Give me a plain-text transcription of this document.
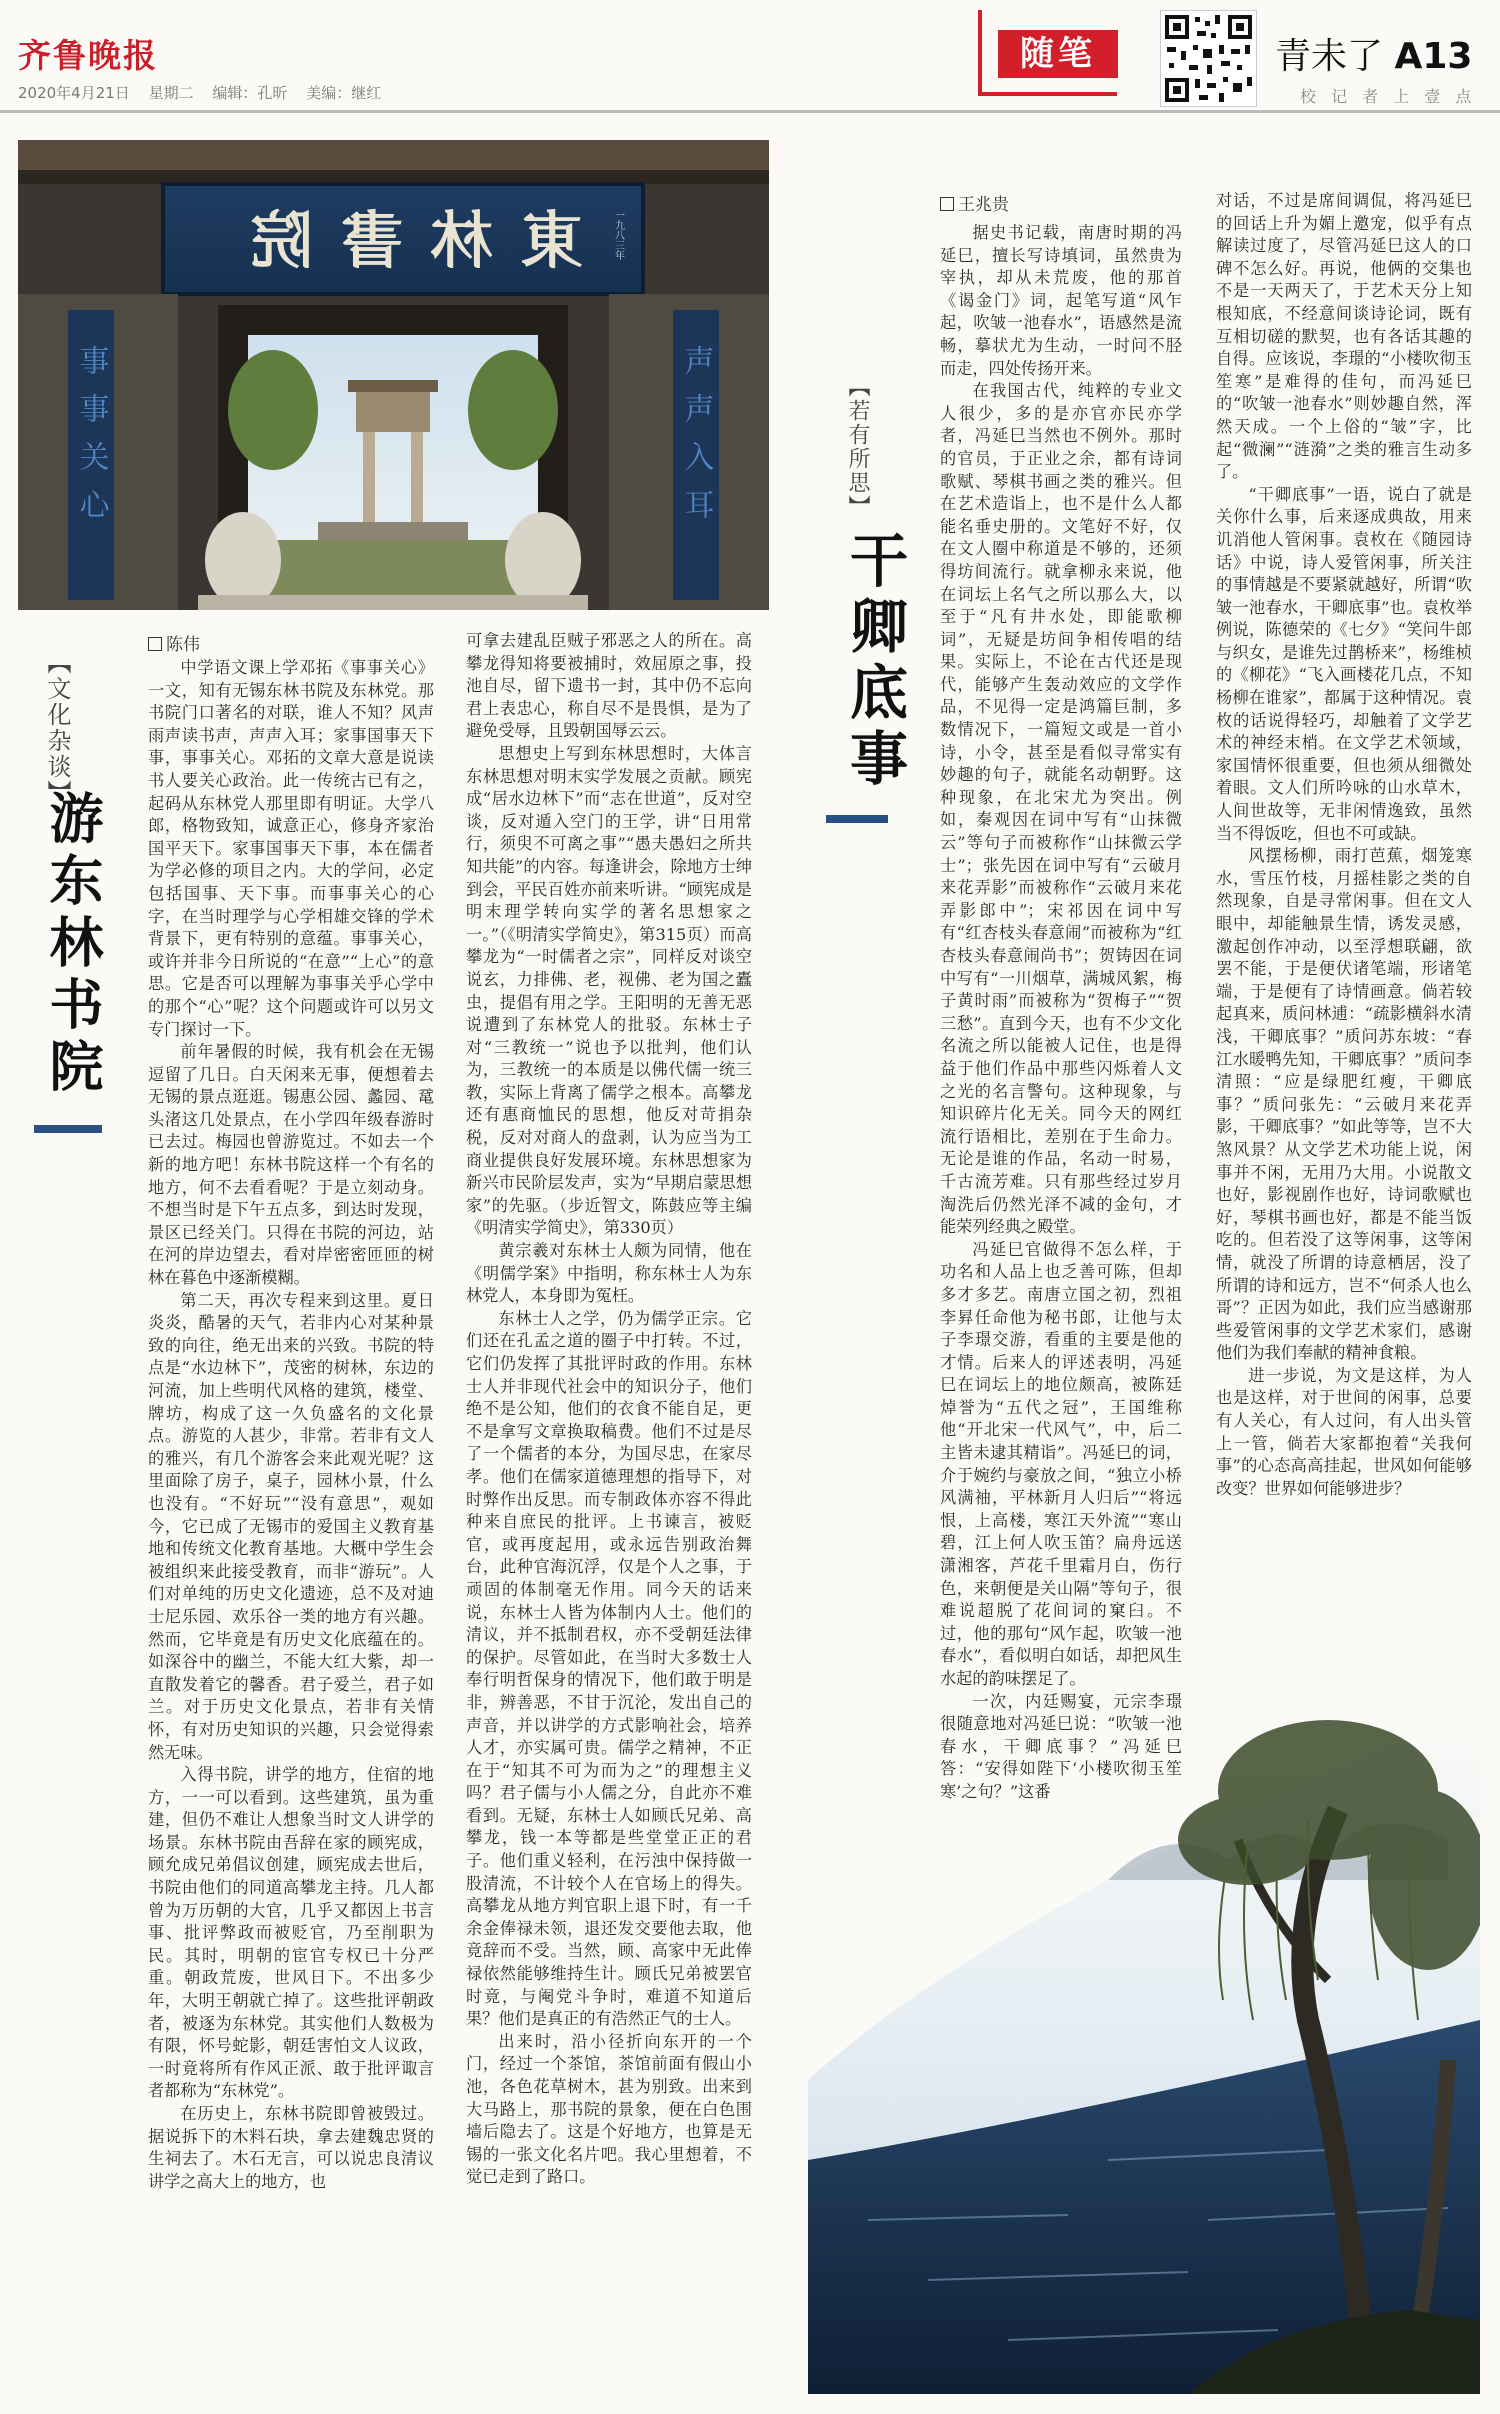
齐鲁晚报
2020年4月21日 星期二 编辑：孔昕 美编：继红
随笔	青未了 A13
校 记 者 上 壹 点
東林書院	一九八三年
事事关心	声声入耳
【文化杂谈】
游东林书院
陈伟

中学语文课上学邓拓《事事关心》一文，知有无锡东林书院及东林党。那书院门口著名的对联，谁人不知？风声雨声读书声，声声入耳；家事国事天下事，事事关心。邓拓的文章大意是说读书人要关心政治。此一传统古已有之，起码从东林党人那里即有明证。大学八郎，格物致知，诚意正心，修身齐家治国平天下。家事国事天下事，本在儒者为学必修的项目之内。大的学问，必定包括国事、天下事。而事事关心的心字，在当时理学与心学相雄交锋的学术背景下，更有特别的意蕴。事事关心，或许并非今日所说的“在意”“上心”的意思。它是否可以理解为事事关乎心学中的那个“心”呢？这个问题或许可以另文专门探讨一下。

前年暑假的时候，我有机会在无锡逗留了几日。白天闲来无事，便想着去无锡的景点逛逛。锡惠公园、蠡园、鼋头渚这几处景点，在小学四年级春游时已去过。梅园也曾游览过。不如去一个新的地方吧！东林书院这样一个有名的地方，何不去看看呢？于是立刻动身。不想当时是下午五点多，到达时发现，景区已经关门。只得在书院的河边，站在河的岸边望去，看对岸密密匝匝的树林在暮色中逐渐模糊。

第二天，再次专程来到这里。夏日炎炎，酷暑的天气，若非内心对某种景致的向往，绝无出来的兴致。书院的特点是“水边林下”，茂密的树林，东边的河流，加上些明代风格的建筑，楼堂、牌坊，构成了这一久负盛名的文化景点。游览的人甚少，非常。若非有文人的雅兴，有几个游客会来此观光呢？这里面除了房子，桌子，园林小景，什么也没有。“不好玩”“没有意思”，观如今，它已成了无锡市的爱国主义教育基地和传统文化教育基地。大概中学生会被组织来此接受教育，而非“游玩”。人们对单纯的历史文化遗迹，总不及对迪士尼乐园、欢乐谷一类的地方有兴趣。然而，它毕竟是有历史文化底蕴在的。如深谷中的幽兰，不能大红大紫，却一直散发着它的馨香。君子爱兰，君子如兰。对于历史文化景点，若非有关情怀，有对历史知识的兴趣，只会觉得索然无味。

入得书院，讲学的地方，住宿的地方，一一可以看到。这些建筑，虽为重建，但仍不难让人想象当时文人讲学的场景。东林书院由吾辞在家的顾宪成，顾允成兄弟倡议创建，顾宪成去世后，书院由他们的同道高攀龙主持。几人都曾为万历朝的大官，几乎又都因上书言事、批评弊政而被贬官，乃至削职为民。其时，明朝的宦官专权已十分严重。朝政荒废，世风日下。不出多少年，大明王朝就亡掉了。这些批评朝政者，被逐为东林党。其实他们人数极为有限，怀号蛇影，朝廷害怕文人议政，一时竟将所有作风正派、敢于批评诹言者都称为“东林党”。

在历史上，东林书院即曾被毁过。据说拆下的木料石块，拿去建魏忠贤的生祠去了。木石无言，可以说忠良清议讲学之高大上的地方，也

可拿去建乱臣贼子邪恶之人的所在。高攀龙得知将要被捕时，效屈原之事，投池自尽，留下遗书一封，其中仍不忘向君上表忠心，称自尽不是畏惧，是为了避免受辱，且毁朝国辱云云。

思想史上写到东林思想时，大体言东林思想对明末实学发展之贡献。顾宪成“居水边林下”而“志在世道”，反对空谈，反对遁入空门的王学，讲“日用常行，须臾不可离之事”“愚夫愚妇之所共知共能”的内容。每逢讲会，除地方士绅到会，平民百姓亦前来听讲。“顾宪成是明末理学转向实学的著名思想家之一。”（《明清实学简史》，第315页）而高攀龙为“一时儒者之宗”，同样反对谈空说玄，力排佛、老，视佛、老为国之蠹虫，提倡有用之学。王阳明的无善无恶说遭到了东林党人的批驳。东林士子对“三教统一”说也予以批判，他们认为，三教统一的本质是以佛代儒一统三教，实际上背离了儒学之根本。高攀龙还有惠商恤民的思想，他反对苛捐杂税，反对对商人的盘剥，认为应当为工商业提供良好发展环境。东林思想家为新兴市民阶层发声，实为“早期启蒙思想家”的先驱。（步近智文，陈鼓应等主编《明清实学简史》，第330页）

黄宗羲对东林士人颇为同情，他在《明儒学案》中指明，称东林士人为东林党人，本身即为冤枉。

东林士人之学，仍为儒学正宗。它们还在孔孟之道的圈子中打转。不过，它们仍发挥了其批评时政的作用。东林士人并非现代社会中的知识分子，他们绝不是公知，他们的衣食不能自足，更不是拿写文章换取稿费。他们不过是尽了一个儒者的本分，为国尽忠，在家尽孝。他们在儒家道德理想的指导下，对时弊作出反思。而专制政体亦容不得此种来自庶民的批评。上书谏言，被贬官，或再度起用，或永远告别政治舞台，此种官海沉浮，仅是个人之事，于顽固的体制毫无作用。同今天的话来说，东林士人皆为体制内人士。他们的清议，并不抵制君权，亦不受朝廷法律的保护。尽管如此，在当时大多数士人奉行明哲保身的情况下，他们敢于明是非，辨善恶，不甘于沉沦，发出自己的声音，并以讲学的方式影响社会，培养人才，亦实属可贵。儒学之精神，不正在于“知其不可为而为之”的理想主义吗？君子儒与小人儒之分，自此亦不难看到。无疑，东林士人如顾氏兄弟、高攀龙，钱一本等都是些堂堂正正的君子。他们重义轻利，在污浊中保持做一股清流，不计较个人在官场上的得失。高攀龙从地方判官职上退下时，有一千余金俸禄未领，退还发交要他去取，他竟辞而不受。当然，顾、高家中无此俸禄依然能够维持生计。顾氏兄弟被罢官时竟，与阉党斗争时，难道不知道后果？他们是真正的有浩然正气的士人。

出来时，沿小径折向东开的一个门，经过一个茶馆，茶馆前面有假山小池，各色花草树木，甚为别致。出来到大马路上，那书院的景象，便在白色围墙后隐去了。这是个好地方，也算是无锡的一张文化名片吧。我心里想着，不觉已走到了路口。

【若有所思】
干卿底事
王兆贵

据史书记载，南唐时期的冯延巳，擅长写诗填词，虽然贵为宰执，却从未荒废，他的那首《谒金门》词，起笔写道“风乍起，吹皱一池春水”，语感然是流畅，摹状尤为生动，一时问不胫而走，四处传扬开来。

在我国古代，纯粹的专业文人很少，多的是亦官亦民亦学者，冯延巳当然也不例外。那时的官员，于正业之余，都有诗词歌赋、琴棋书画之类的雅兴。但在艺术造诣上，也不是什么人都能名垂史册的。文笔好不好，仅在文人圈中称道是不够的，还须得坊间流行。就拿柳永来说，他在词坛上名气之所以那么大，以至于“凡有井水处，即能歌柳词”，无疑是坊间争相传唱的结果。实际上，不论在古代还是现代，能够产生轰动效应的文学作品，不见得一定是鸿篇巨制，多数情况下，一篇短文或是一首小诗，小令，甚至是看似寻常实有妙趣的句子，就能名动朝野。这种现象，在北宋尤为突出。例如，秦观因在词中写有“山抹微云”等句子而被称作“山抹微云学士”；张先因在词中写有“云破月来花弄影”而被称作“云破月来花弄影郎中”；宋祁因在词中写有“红杏枝头春意闹”而被称为“红杏枝头春意闹尚书”；贺铸因在词中写有“一川烟草，满城风絮，梅子黄时雨”而被称为“贺梅子”“贺三愁”。直到今天，也有不少文化名流之所以能被人记住，也是得益于他们作品中那些闪烁着人文之光的名言警句。这种现象，与知识碎片化无关。同今天的网红流行语相比，差别在于生命力。无论是谁的作品，名动一时易，千古流芳难。只有那些经过岁月淘洗后仍然光泽不减的金句，才能荣列经典之殿堂。

冯延巳官做得不怎么样，于功名和人品上也乏善可陈，但却多才多艺。南唐立国之初，烈祖李昪任命他为秘书郎，让他与太子李璟交游，看重的主要是他的才情。后来人的评述表明，冯延巳在词坛上的地位颇高，被陈廷焯誉为“五代之冠”，王国维称他“开北宋一代风气”，中，后二主皆未逮其精诣”。冯延巳的词，介于婉约与豪放之间，“独立小桥风满袖，平林新月人归后”“将远恨，上高楼，寒江天外流”“寒山碧，江上何人吹玉笛？扁舟远送潇湘客，芦花千里霜月白，伤行色，来朝便是关山隔”等句子，很难说超脱了花间词的窠臼。不过，他的那句“风乍起，吹皱一池春水”，看似明白如话，却把风生水起的韵味摆足了。

一次，内廷赐宴，元宗李璟很随意地对冯延巳说：“吹皱一池春水，干卿底事？”冯延巳答：“安得如陛下‘小楼吹彻玉笙寒’之句？”这番

对话，不过是席间调侃，将冯延巳的回话上升为媚上邀宠，似乎有点解读过度了，尽管冯延巳这人的口碑不怎么好。再说，他俩的交集也不是一天两天了，于艺术天分上知根知底，不经意间谈诗论词，既有互相切磋的默契，也有各话其趣的自得。应该说，李璟的“小楼吹彻玉笙寒”是难得的佳句，而冯延巳的“吹皱一池春水”则妙趣自然，浑然天成。一个上俗的“皱”字，比起“微澜”“涟漪”之类的雅言生动多了。

“干卿底事”一语，说白了就是关你什么事，后来逐成典故，用来讥消他人管闲事。袁枚在《随园诗话》中说，诗人爱管闲事，所关注的事情越是不要紧就越好，所谓“吹皱一池春水，干卿底事”也。袁枚举例说，陈德荣的《七夕》“笑问牛郎与织女，是谁先过鹊桥来”，杨维桢的《柳花》“飞入画楼花几点，不知杨柳在谁家”，都属于这种情况。袁枚的话说得轻巧，却触着了文学艺术的神经末梢。在文学艺术领域，家国情怀很重要，但也须从细微处着眼。文人们所吟咏的山水草木，人间世故等，无非闲情逸致，虽然当不得饭吃，但也不可或缺。

风摆杨柳，雨打芭蕉，烟笼寒水，雪压竹枝，月摇桂影之类的自然现象，自是寻常闲事。但在文人眼中，却能触景生情，诱发灵感，激起创作冲动，以至浮想联翩，欲罢不能，于是便伏诸笔端，形诸笔端，于是便有了诗情画意。倘若较起真来，质问林逋：“疏影横斜水清浅，干卿底事？”质问苏东坡：“春江水暖鸭先知，干卿底事？”质问李清照：“应是绿肥红瘦，干卿底事？”质问张先：“云破月来花弄影，干卿底事？”如此等等，岂不大煞风景？从文学艺术功能上说，闲事并不闲，无用乃大用。小说散文也好，影视剧作也好，诗词歌赋也好，琴棋书画也好，都是不能当饭吃的。但若没了这等闲事，这等闲情，就没了所谓的诗意栖居，没了所谓的诗和远方，岂不“何杀人也么哥”？正因为如此，我们应当感谢那些爱管闲事的文学艺术家们，感谢他们为我们奉献的精神食粮。

进一步说，为文是这样，为人也是这样，对于世间的闲事，总要有人关心，有人过问，有人出头管上一管，倘若大家都抱着“关我何事”的心态高高挂起，世风如何能够改变？世界如何能够进步？
